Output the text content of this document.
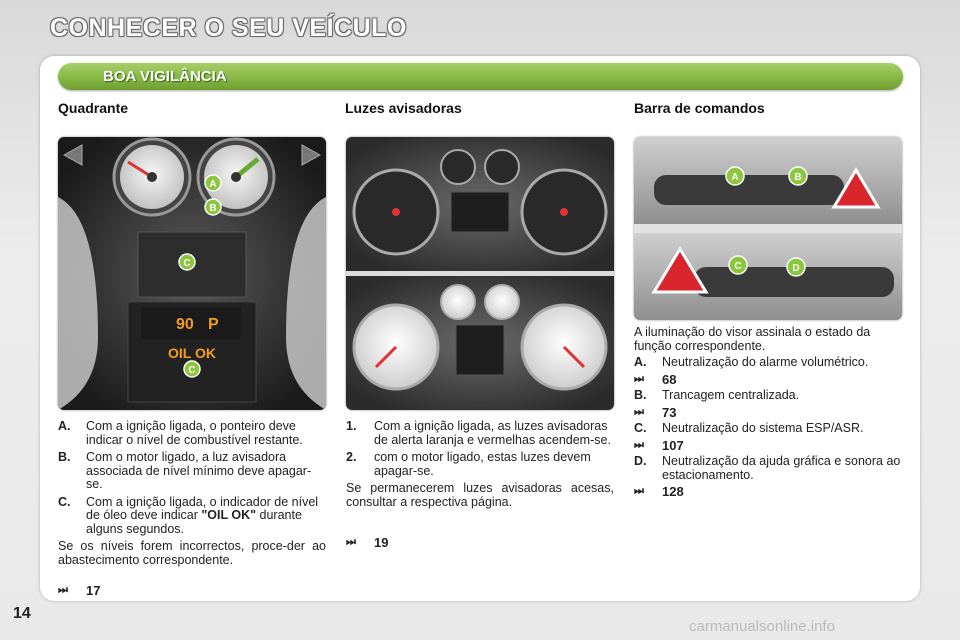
CONHECER O SEU VEÍCULO
BOA VIGILÂNCIA
Quadrante	Luzes avisadoras	Barra de comandos
90 P
OIL OK
A
B
C
C
A	B
C	D
A.	Com a ignição ligada, o ponteiro deve indicar o nível de combustível restante.
B.	Com o motor ligado, a luz avisadora associada de nível mínimo deve apagar-se.
C.	Com a ignição ligada, o indicador de nível de óleo deve indicar "OIL OK" durante alguns segundos.
Se os níveis forem incorrectos, proce-der ao abastecimento correspondente.
⏭	17
1.	Com a ignição ligada, as luzes avisadoras de alerta laranja e vermelhas acendem-se.
2.	com o motor ligado, estas luzes devem apagar-se.
Se permanecerem luzes avisadoras acesas, consultar a respectiva página.
⏭	19
A iluminação do visor assinala o estado da função correspondente.
A.	Neutralização do alarme volumétrico.
⏭	68
B.	Trancagem centralizada.
⏭	73
C.	Neutralização do sistema ESP/ASR.
⏭	107
D.	Neutralização da ajuda gráfica e sonora ao estacionamento.
⏭	128
14
carmanualsonline.info
